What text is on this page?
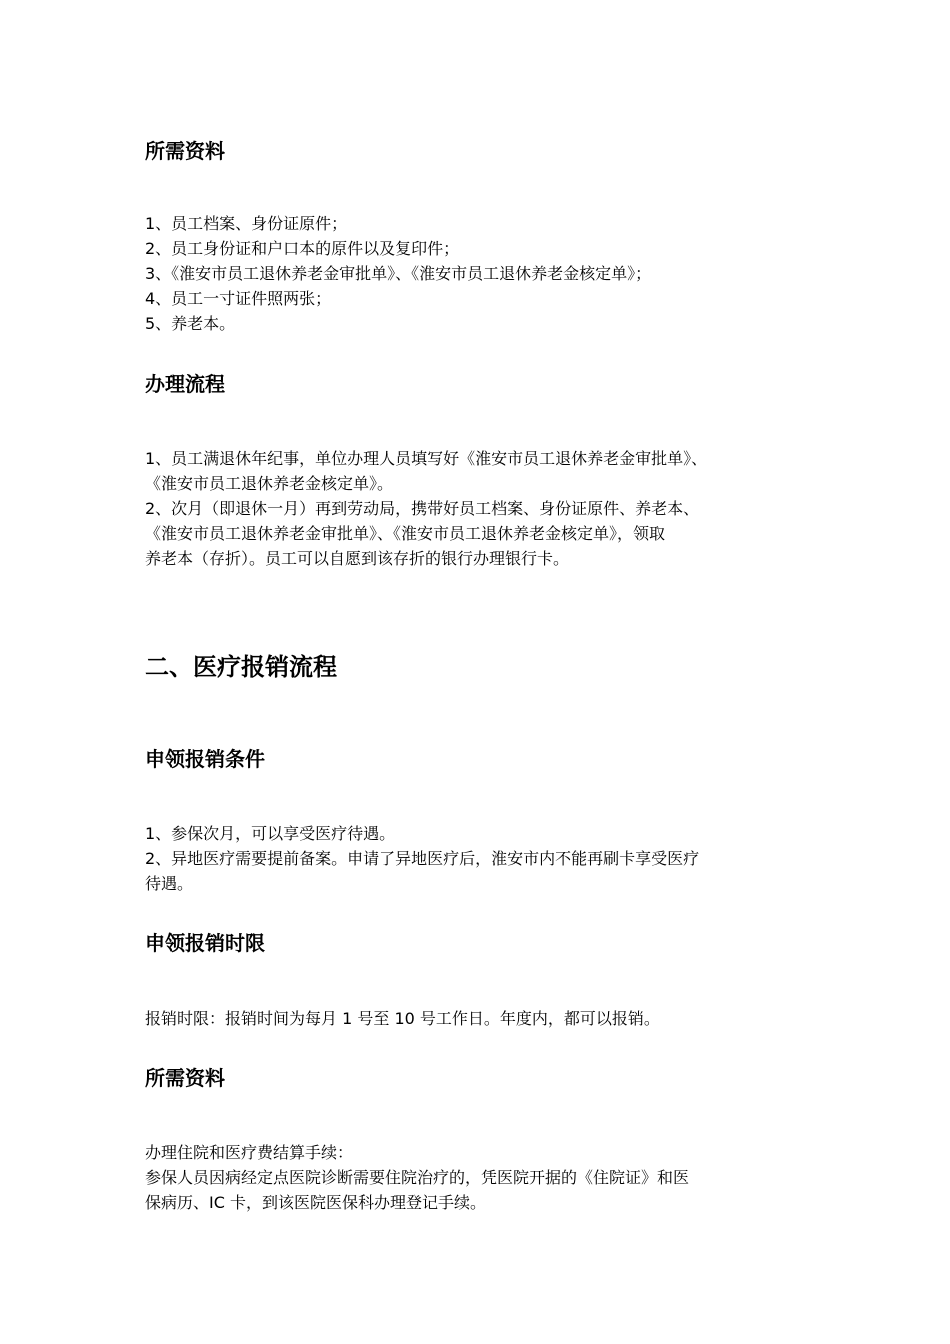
所需资料

1、员工档案、身份证原件；

2、员工身份证和户口本的原件以及复印件；

3、《淮安市员工退休养老金审批单》、《淮安市员工退休养老金核定单》；

4、员工一寸证件照两张；

5、养老本。

办理流程

1、员工满退休年纪事，单位办理人员填写好《淮安市员工退休养老金审批单》、

《淮安市员工退休养老金核定单》。

2、次月（即退休一月）再到劳动局，携带好员工档案、身份证原件、养老本、

《淮安市员工退休养老金审批单》、《淮安市员工退休养老金核定单》，领取

养老本（存折）。员工可以自愿到该存折的银行办理银行卡。

二、医疗报销流程
申领报销条件

1、参保次月，可以享受医疗待遇。

2、异地医疗需要提前备案。申请了异地医疗后，淮安市内不能再刷卡享受医疗

待遇。

申领报销时限

报销时限：报销时间为每月 1 号至 10 号工作日。年度内，都可以报销。

所需资料

办理住院和医疗费结算手续：

参保人员因病经定点医院诊断需要住院治疗的，凭医院开据的《住院证》和医

保病历、IC 卡，到该医院医保科办理登记手续。
